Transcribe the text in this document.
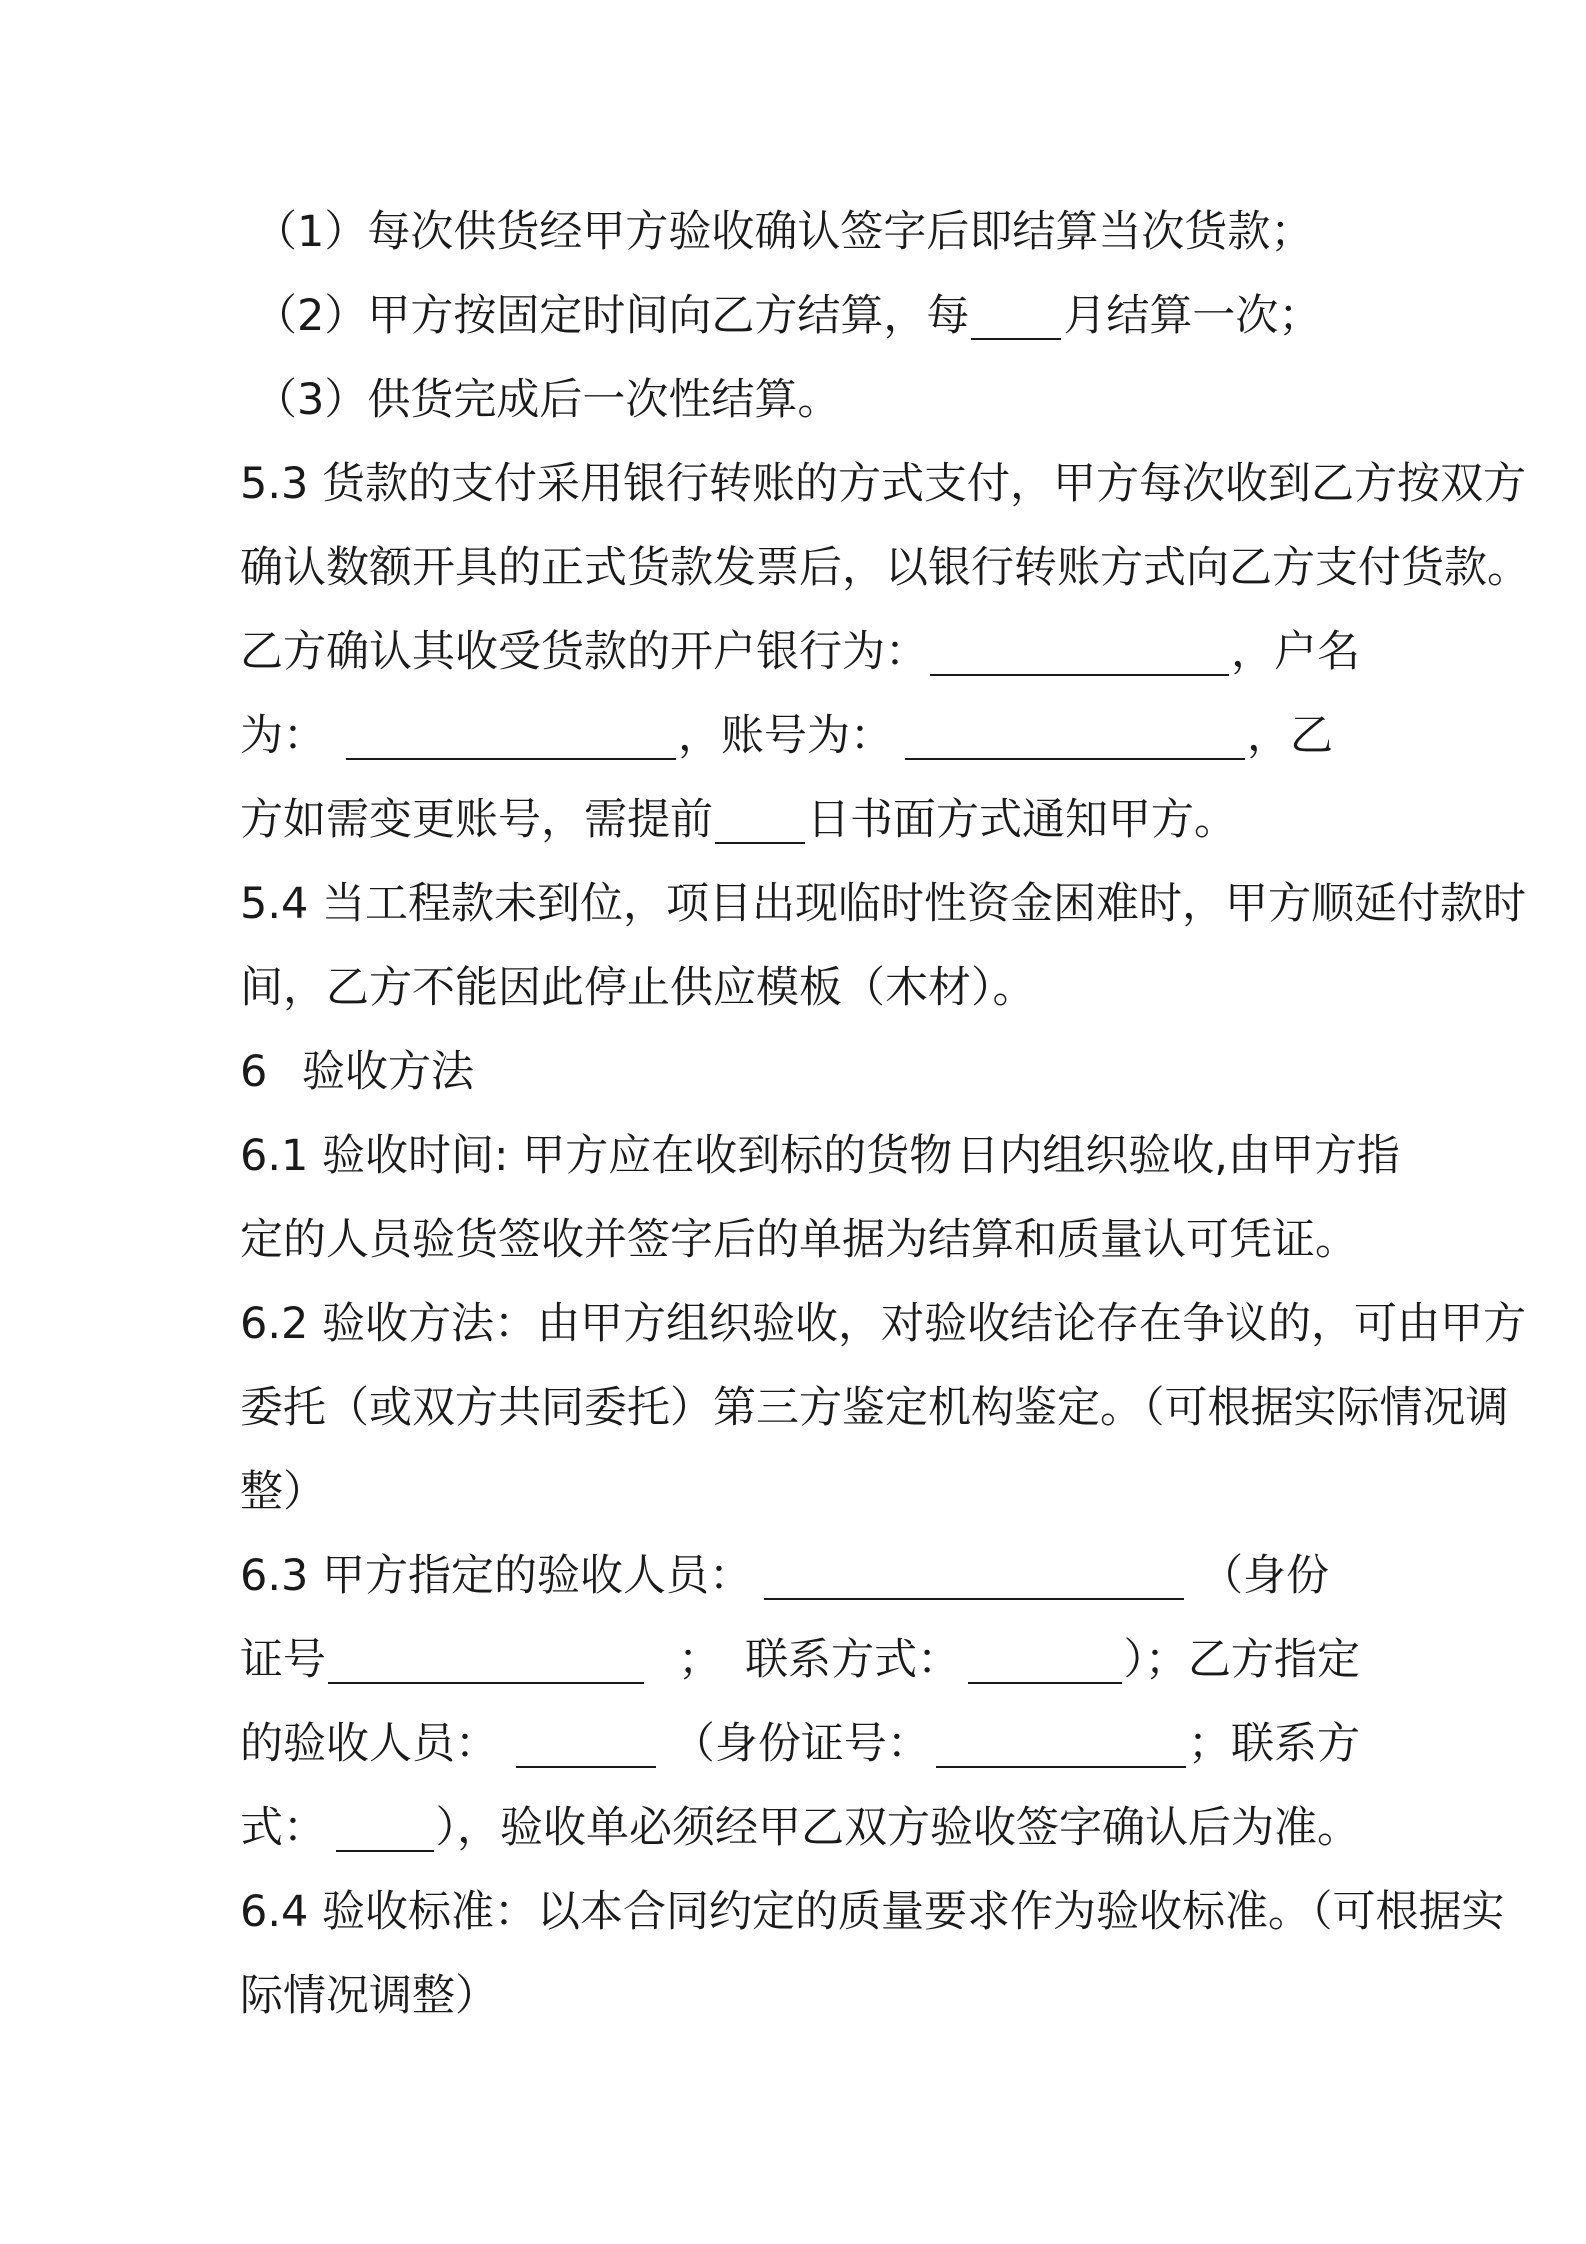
（1）每次供货经甲方验收确认签字后即结算当次货款；
（2）甲方按固定时间向乙方结算，每 月结算一次；
（3）供货完成后一次性结算。
5.3 货款的支付采用银行转账的方式支付，甲方每次收到乙方按双方
确认数额开具的正式货款发票后，以银行转账方式向乙方支付货款。
乙方确认其收受货款的开户银行为：	，户名
为：	，账号为：	，乙
方如需变更账号，需提前 日书面方式通知甲方。
5.4 当工程款未到位，项目出现临时性资金困难时，甲方顺延付款时
间，乙方不能因此停止供应模板（木材）。
6 验收方法
6.1 验收时间: 甲方应在收到标的货物 日内组织验收,由甲方指
定的人员验货签收并签字后的单据为结算和质量认可凭证。
6.2 验收方法：由甲方组织验收，对验收结论存在争议的，可由甲方
委托（或双方共同委托）第三方鉴定机构鉴定。（可根据实际情况调
整）
6.3 甲方指定的验收人员：	（身份
证号	； 联系方式：	）；乙方指定
的验收人员：	（身份证号：	；联系方
式：	），验收单必须经甲乙双方验收签字确认后为准。
6.4 验收标准：以本合同约定的质量要求作为验收标准。（可根据实
际情况调整）
